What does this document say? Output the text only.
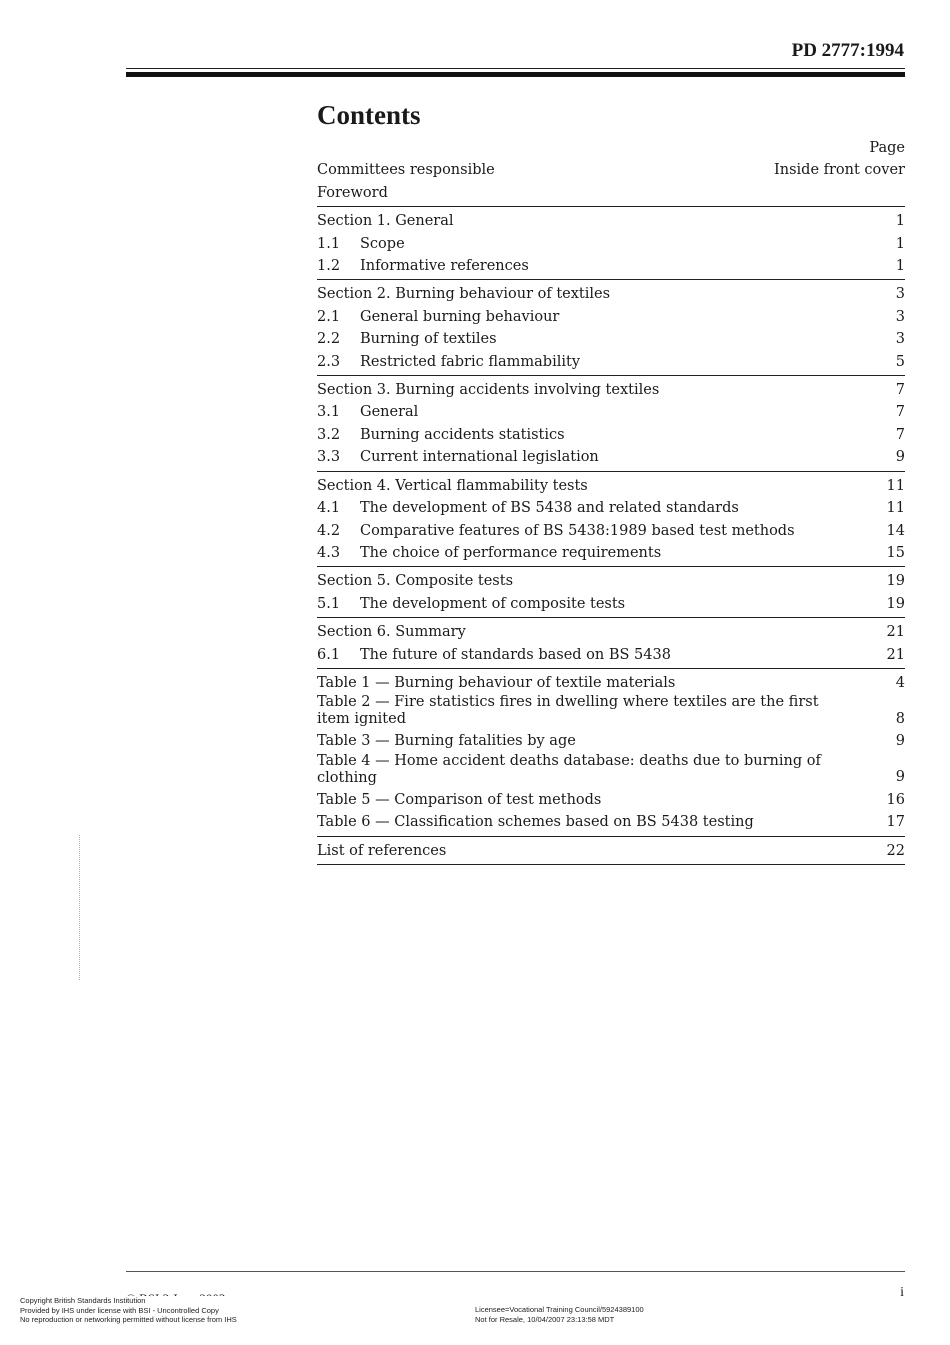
PD 2777:1994
Contents
Page
Committees responsible	Inside front cover
Foreword
Section 1. General	1
1.1	Scope	1
1.2	Informative references	1
Section 2. Burning behaviour of textiles	3
2.1	General burning behaviour	3
2.2	Burning of textiles	3
2.3	Restricted fabric flammability	5
Section 3. Burning accidents involving textiles	7
3.1	General	7
3.2	Burning accidents statistics	7
3.3	Current international legislation	9
Section 4. Vertical flammability tests	11
4.1	The development of BS 5438 and related standards	11
4.2	Comparative features of BS 5438:1989 based test methods	14
4.3	The choice of performance requirements	15
Section 5. Composite tests	19
5.1	The development of composite tests	19
Section 6. Summary	21
6.1	The future of standards based on BS 5438	21
Table 1 — Burning behaviour of textile materials	4
Table 2 — Fire statistics fires in dwelling where textiles are the first item ignited	8
Table 3 — Burning fatalities by age	9
Table 4 — Home accident deaths database: deaths due to burning of clothing	9
Table 5 — Comparison of test methods	16
Table 6 — Classification schemes based on BS 5438 testing	17
List of references	22
i
Copyright British Standards Institution
Provided by IHS under license with BSI - Uncontrolled Copy
No reproduction or networking permitted without license from IHS
Licensee=Vocational Training Council/5924389100
Not for Resale, 10/04/2007 23:13:58 MDT
